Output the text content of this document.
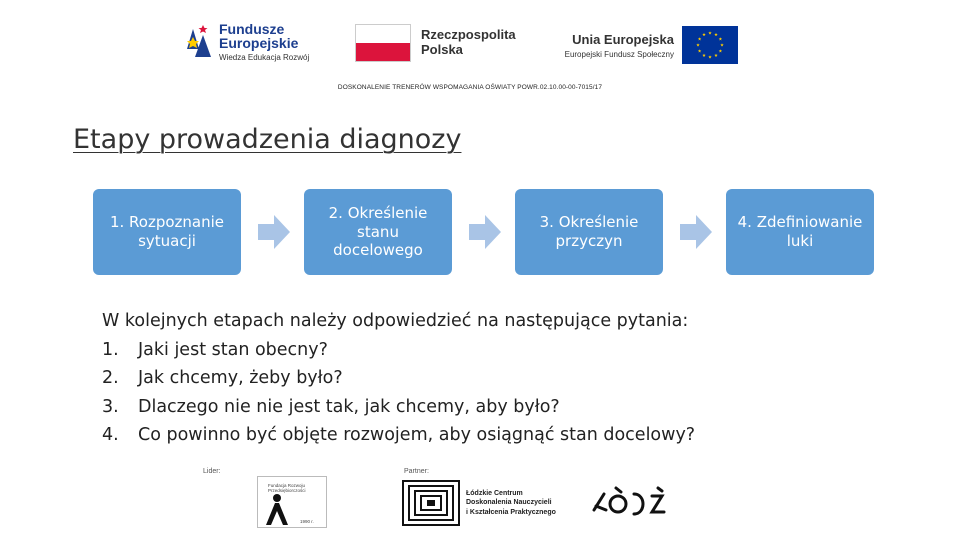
Fundusze
Europejskie
Wiedza Edukacja Rozwój
Rzeczpospolita
Polska
Unia Europejska
Europejski Fundusz Społeczny
DOSKONALENIE TRENERÓW WSPOMAGANIA OŚWIATY POWR.02.10.00-00-7015/17
Etapy prowadzenia diagnozy
1. Rozpoznanie sytuacji
2. Określenie stanu docelowego
3. Określenie przyczyn
4. Zdefiniowanie luki
W kolejnych etapach należy odpowiedzieć na następujące pytania:
1.	Jaki jest stan obecny?
2.	Jak chcemy, żeby było?
3.	Dlaczego nie nie jest tak, jak chcemy, aby było?
4.	Co powinno być objęte rozwojem, aby osiągnąć stan docelowy?
Lider:
Fundacja Rozwoju Przedsiębiorczości
1990 r.
Partner:
Łódzkie Centrum
Doskonalenia Nauczycieli
i Kształcenia Praktycznego
